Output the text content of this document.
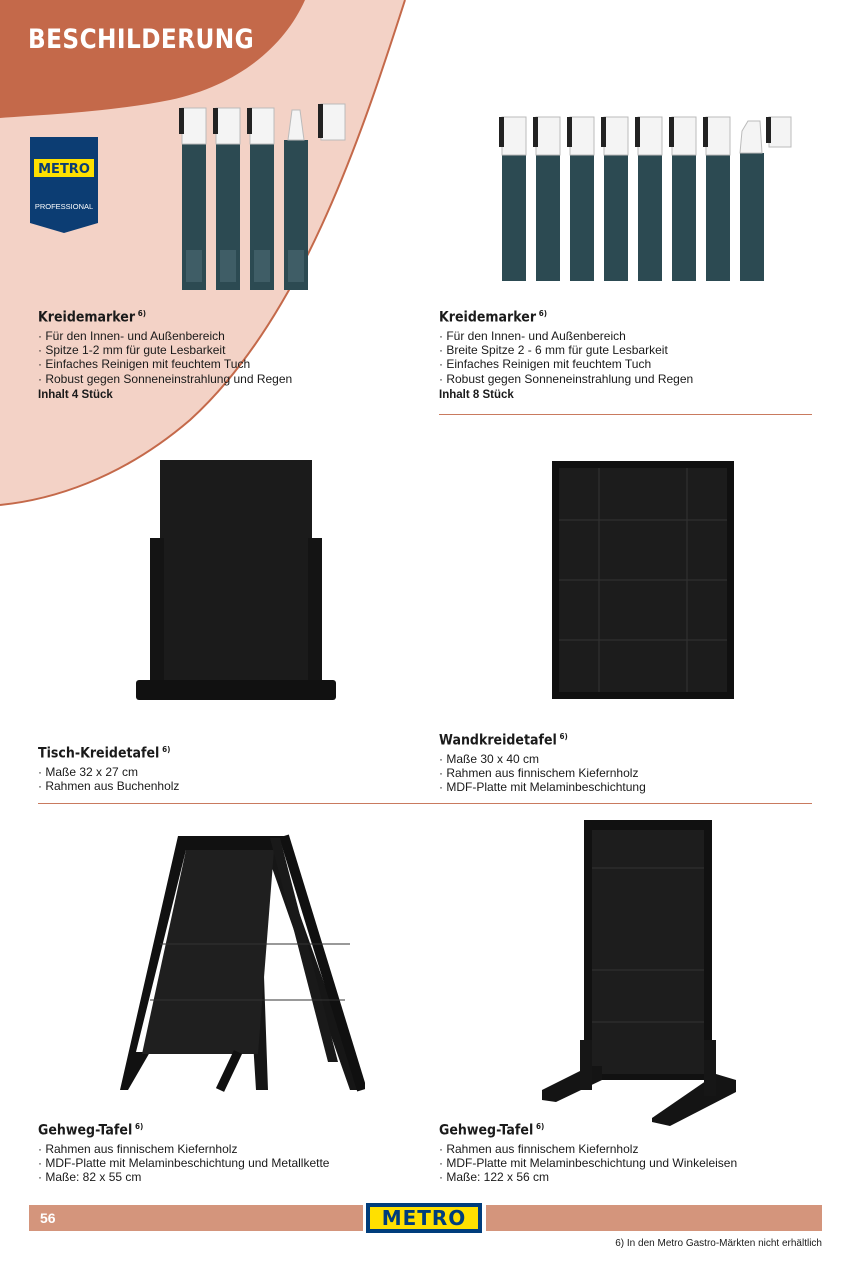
BESCHILDERUNG
METRO
PROFESSIONAL
Kreidemarker $^{6)}$
· Für den Innen- und Außenbereich
· Spitze 1-2 mm für gute Lesbarkeit
· Einfaches Reinigen mit feuchtem Tuch
· Robust gegen Sonneneinstrahlung und Regen
Inhalt 4 Stück
Kreidemarker $^{6)}$
· Für den Innen- und Außenbereich
· Breite Spitze 2 - 6 mm für gute Lesbarkeit
· Einfaches Reinigen mit feuchtem Tuch
· Robust gegen Sonneneinstrahlung und Regen
Inhalt 8 Stück
Tisch-Kreidetafel $^{6)}$
· Maße 32 x 27 cm
· Rahmen aus Buchenholz
Wandkreidetafel $^{6)}$
· Maße 30 x 40 cm
· Rahmen aus finnischem Kiefernholz
· MDF-Platte mit Melaminbeschichtung
Gehweg-Tafel $^{6)}$
· Rahmen aus finnischem Kiefernholz
· MDF-Platte mit Melaminbeschichtung und Metallkette
· Maße: 82 x 55 cm
Gehweg-Tafel $^{6)}$
· Rahmen aus finnischem Kiefernholz
· MDF-Platte mit Melaminbeschichtung und Winkeleisen
· Maße: 122 x 56 cm
56	METRO
6) In den Metro Gastro-Märkten nicht erhältlich
